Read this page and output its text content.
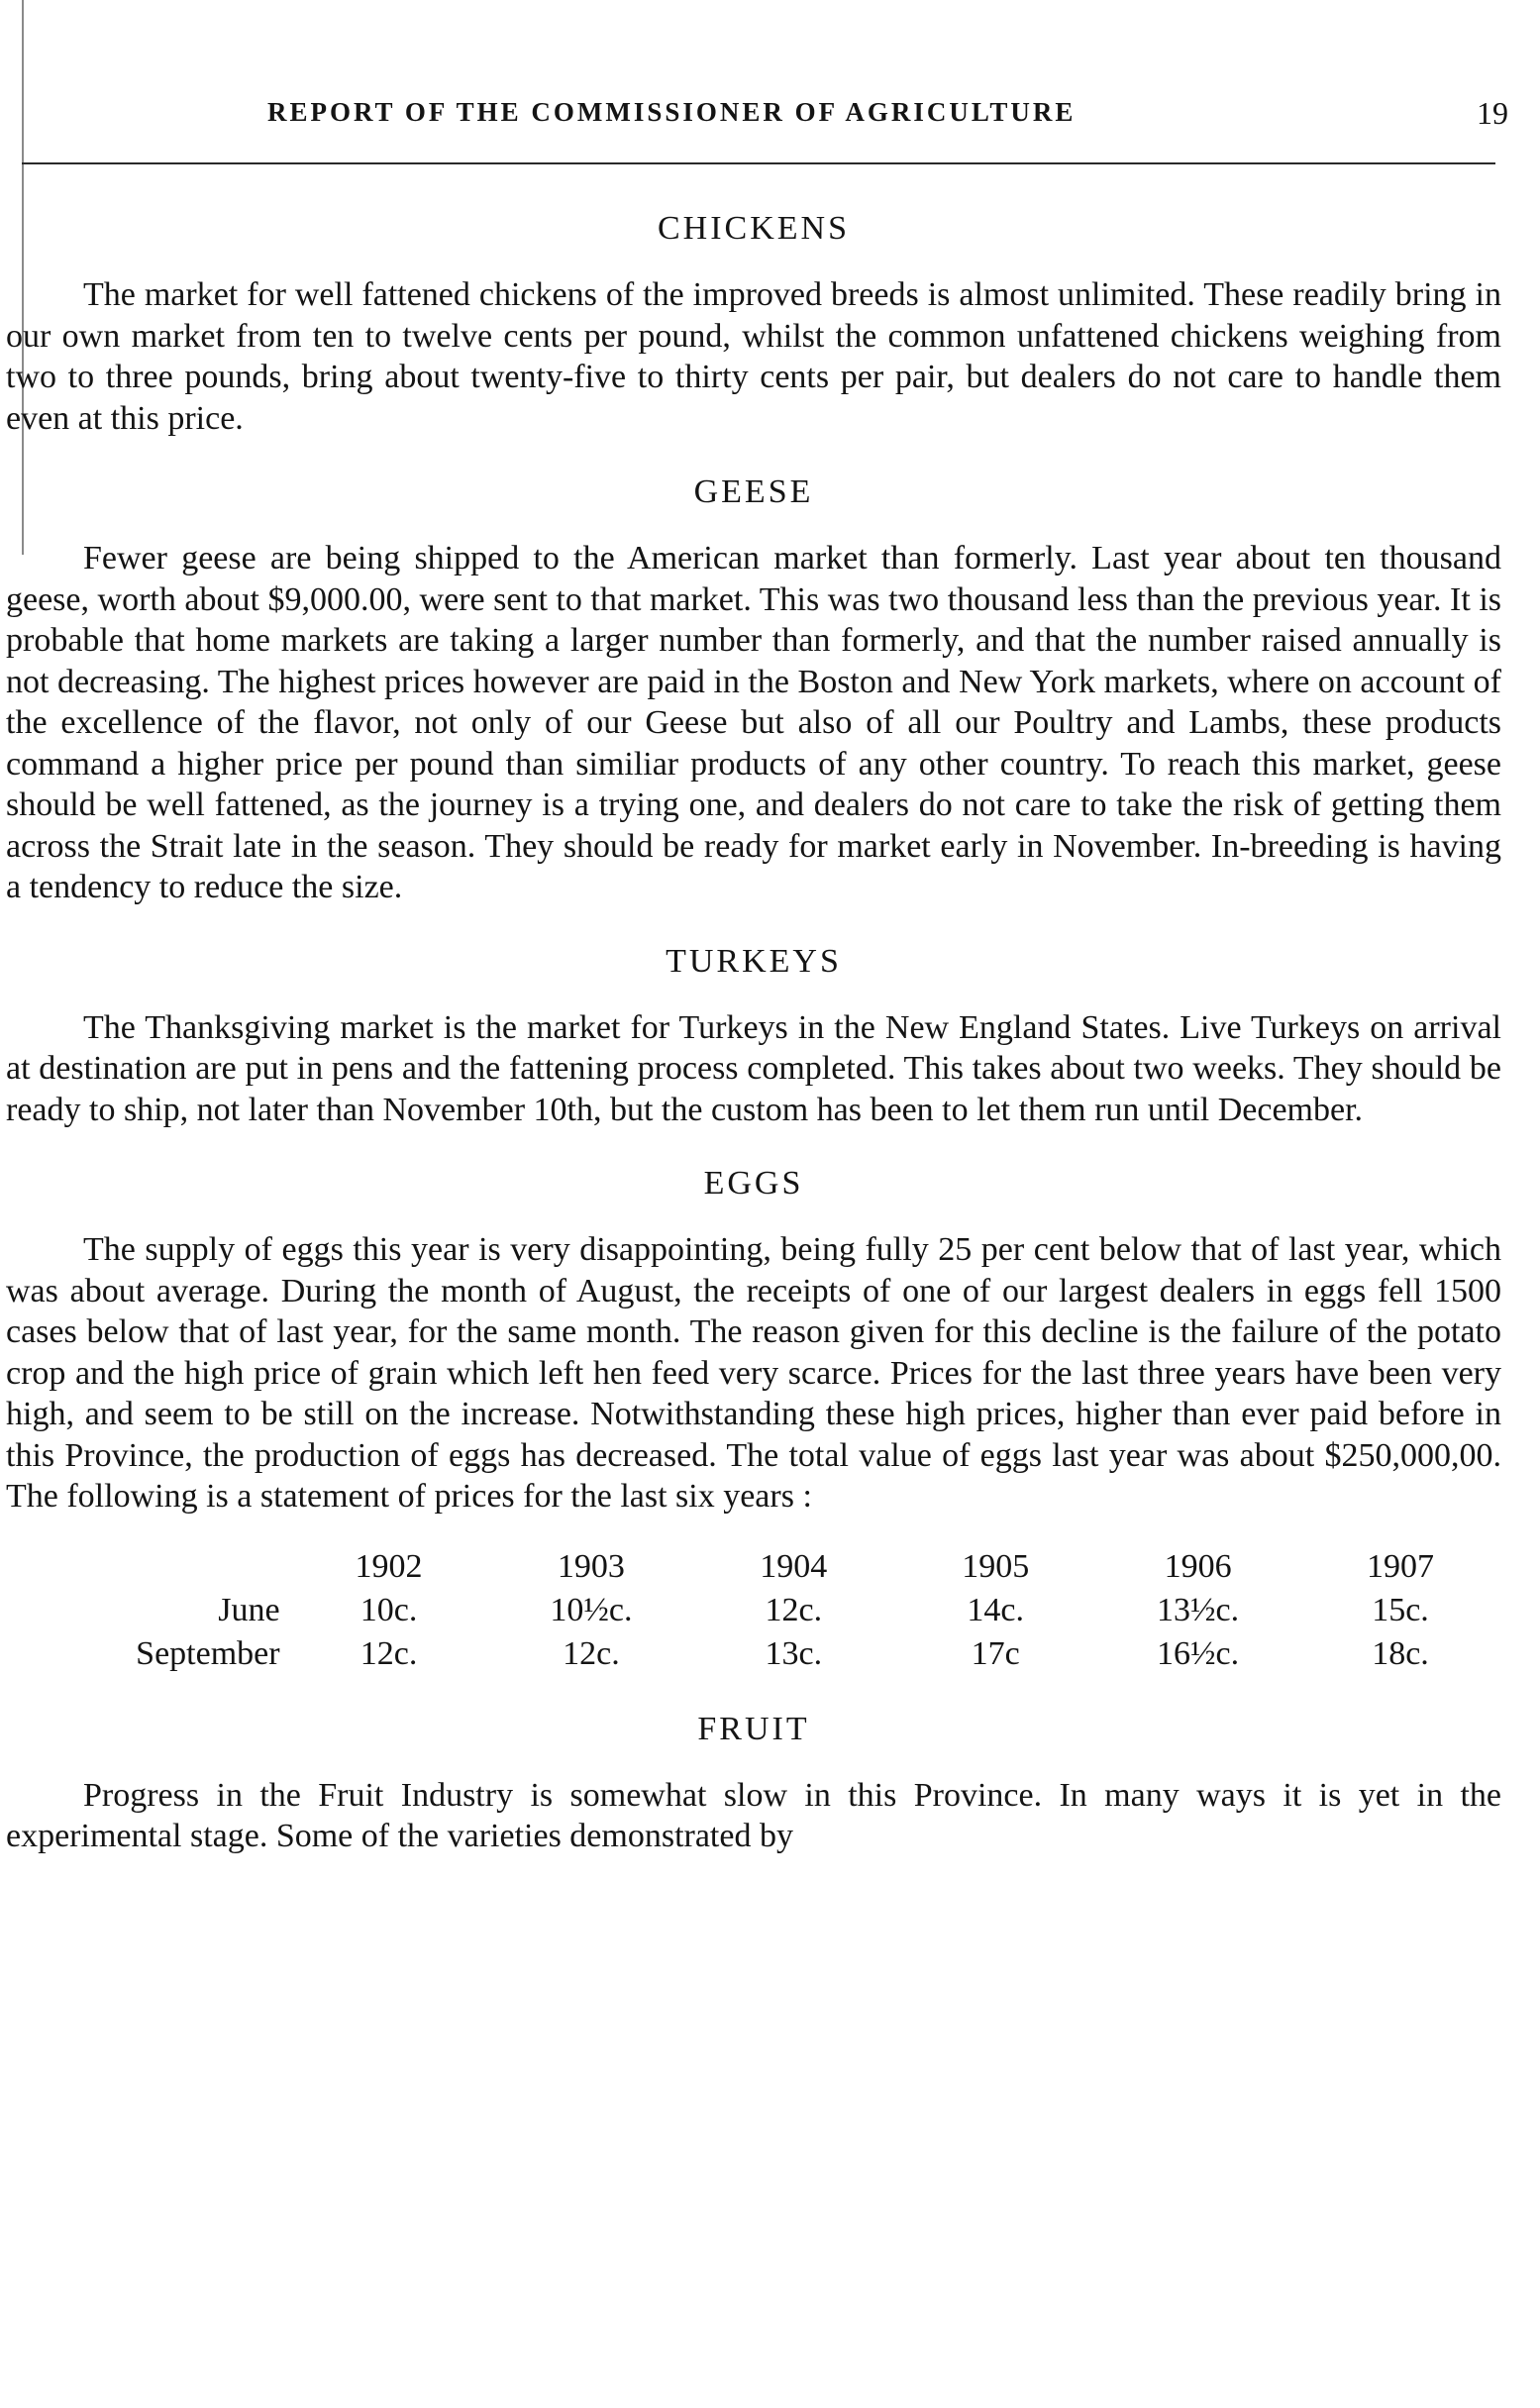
REPORT OF THE COMMISSIONER OF AGRICULTURE	19
CHICKENS

The market for well fattened chickens of the improved breeds is almost unlimited. These readily bring in our own market from ten to twelve cents per pound, whilst the common unfattened chickens weighing from two to three pounds, bring about twenty-five to thirty cents per pair, but dealers do not care to handle them even at this price.

GEESE

Fewer geese are being shipped to the American market than formerly. Last year about ten thousand geese, worth about $9,000.00, were sent to that market. This was two thousand less than the previous year. It is probable that home markets are taking a larger number than formerly, and that the number raised annually is not decreasing. The highest prices however are paid in the Boston and New York markets, where on account of the excellence of the flavor, not only of our Geese but also of all our Poultry and Lambs, these products command a higher price per pound than similiar products of any other country. To reach this market, geese should be well fattened, as the journey is a trying one, and dealers do not care to take the risk of getting them across the Strait late in the season. They should be ready for market early in November. In-breeding is having a tendency to reduce the size.

TURKEYS

The Thanksgiving market is the market for Turkeys in the New England States. Live Turkeys on arrival at destination are put in pens and the fattening process completed. This takes about two weeks. They should be ready to ship, not later than November 10th, but the custom has been to let them run until December.

EGGS

The supply of eggs this year is very disappointing, being fully 25 per cent below that of last year, which was about average. During the month of August, the receipts of one of our largest dealers in eggs fell 1500 cases below that of last year, for the same month. The reason given for this decline is the failure of the potato crop and the high price of grain which left hen feed very scarce. Prices for the last three years have been very high, and seem to be still on the increase. Notwithstanding these high prices, higher than ever paid before in this Province, the production of eggs has decreased. The total value of eggs last year was about $250,000,00. The following is a statement of prices for the last six years :

	1902	1903	1904	1905	1906	1907
June	10c.	10½c.	12c.	14c.	13½c.	15c.
September	12c.	12c.	13c.	17c	16½c.	18c.
FRUIT

Progress in the Fruit Industry is somewhat slow in this Province. In many ways it is yet in the experimental stage. Some of the varieties demonstrated by
